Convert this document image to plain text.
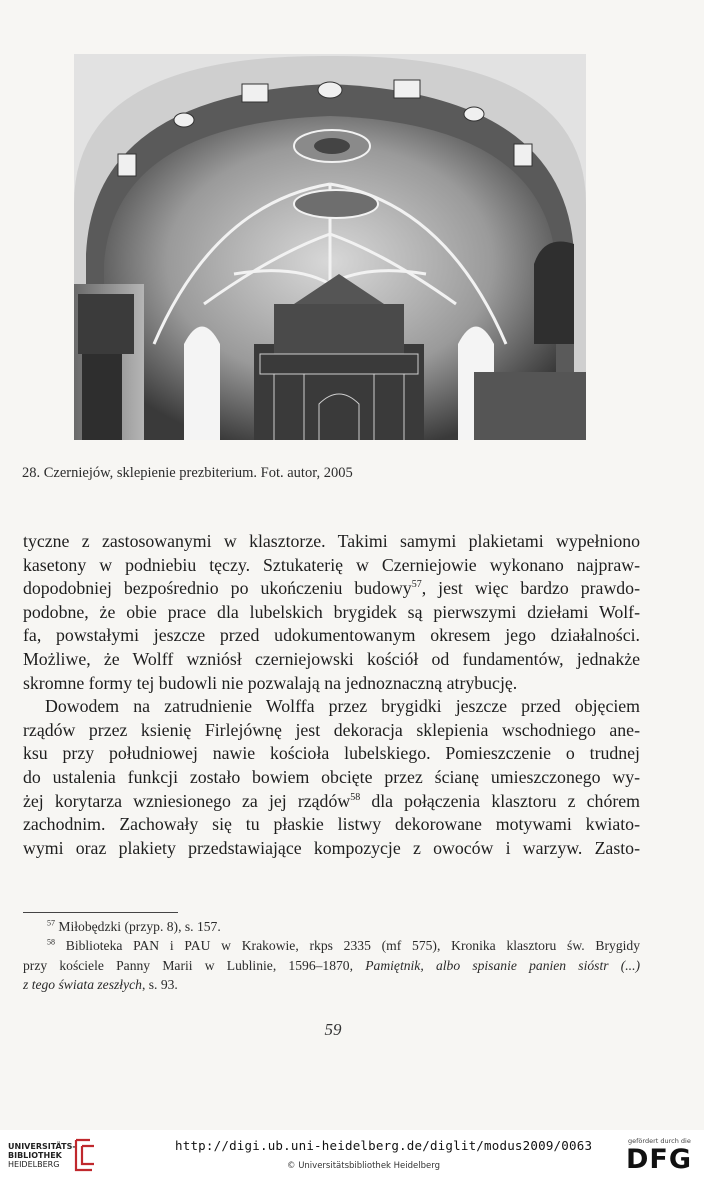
28. Czerniejów, sklepienie prezbiterium. Fot. autor, 2005

tyczne z zastosowanymi w klasztorze. Takimi samymi plakietami wypełniono
kasetony w podniebiu tęczy. Sztukaterię w Czerniejowie wykonano najpraw-
dopodobniej bezpośrednio po ukończeniu budowy$^{57}$, jest więc bardzo prawdo-
podobne, że obie prace dla lubelskich brygidek są pierwszymi dziełami Wolf-
fa, powstałymi jeszcze przed udokumentowanym okresem jego działalności.
Możliwe, że Wolff wzniósł czerniejowski kościół od fundamentów, jednakże
skromne formy tej budowli nie pozwalają na jednoznaczną atrybucję.

Dowodem na zatrudnienie Wolffa przez brygidki jeszcze przed objęciem
rządów przez ksienię Firlejównę jest dekoracja sklepienia wschodniego ane-
ksu przy południowej nawie kościoła lubelskiego. Pomieszczenie o trudnej
do ustalenia funkcji zostało bowiem obcięte przez ścianę umieszczonego wy-
żej korytarza wzniesionego za jej rządów$^{58}$ dla połączenia klasztoru z chórem
zachodnim. Zachowały się tu płaskie listwy dekorowane motywami kwiato-
wymi oraz plakiety przedstawiające kompozycje z owoców i warzyw. Zasto-

$^{57}$ Miłobędzki (przyp. 8), s. 157.
$^{58}$ Biblioteka PAN i PAU w Krakowie, rkps 2335 (mf 575), Kronika klasztoru św. Brygidy
przy kościele Panny Marii w Lublinie, 1596–1870, Pamiętnik, albo spisanie panien sióstr (...)
z tego świata zeszłych, s. 93.
59
UNIVERSITÄTS-
BIBLIOTHEK
HEIDELBERG
http://digi.ub.uni-heidelberg.de/diglit/modus2009/0063
© Universitätsbibliothek Heidelberg
gefördert durch die
DFG
